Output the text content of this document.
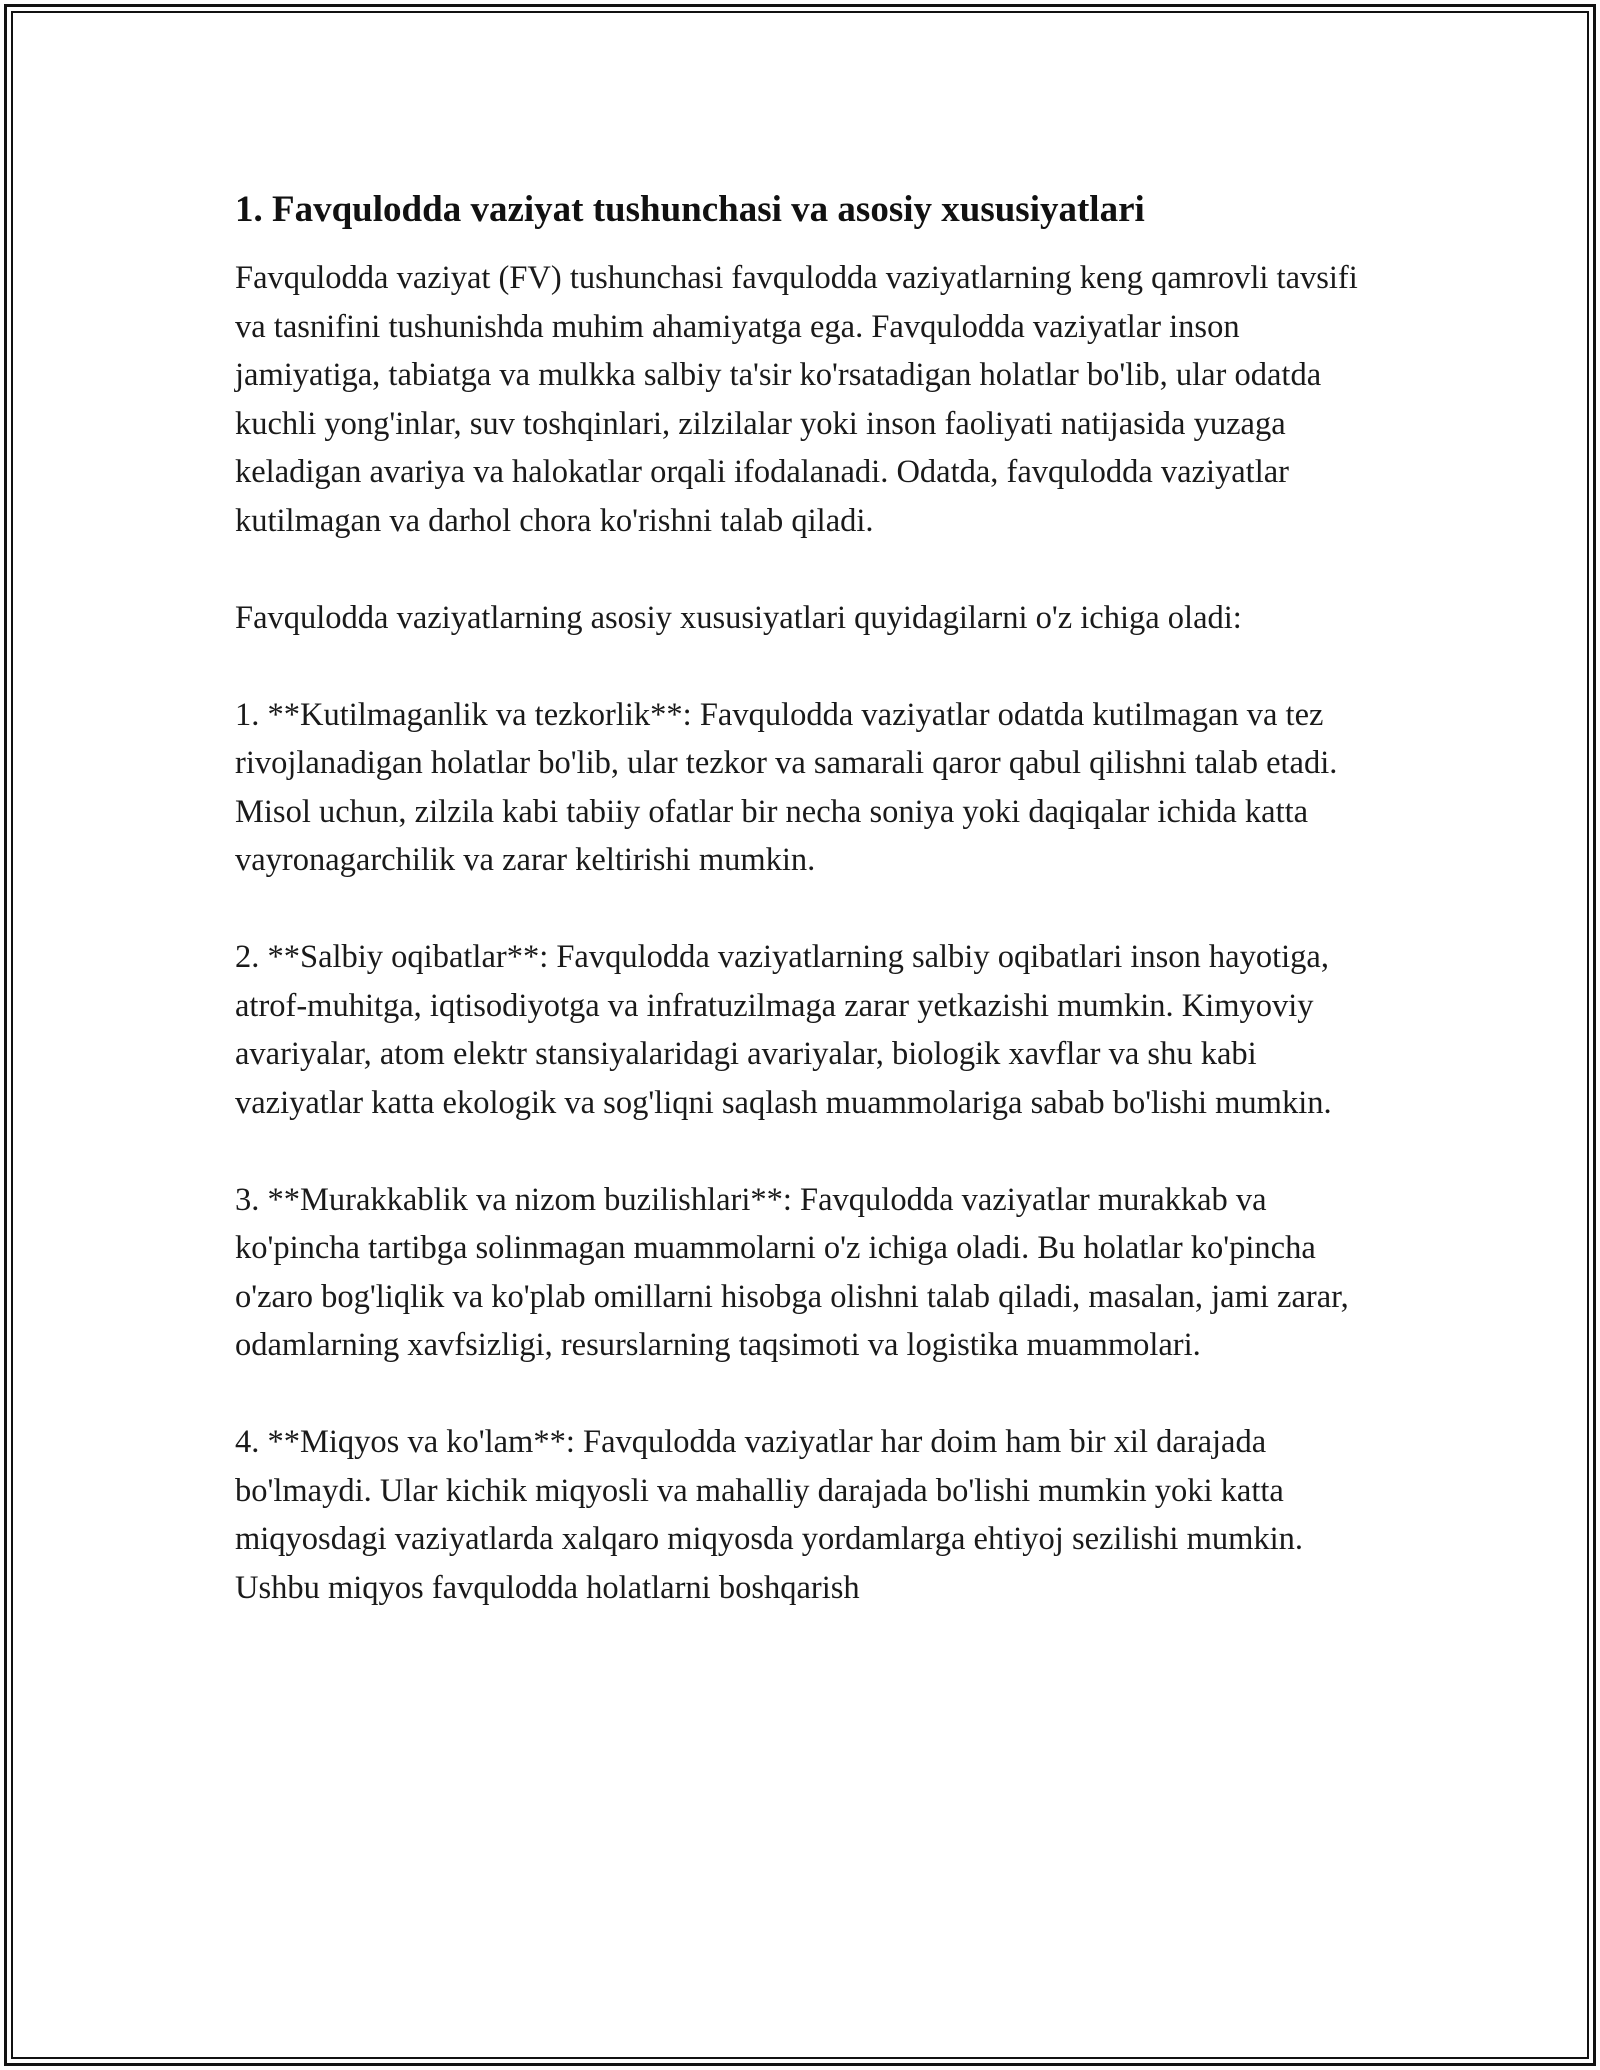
1. Favqulodda vaziyat tushunchasi va asosiy xususiyatlari

Favqulodda vaziyat (FV) tushunchasi favqulodda vaziyatlarning keng qamrovli tavsifi va tasnifini tushunishda muhim ahamiyatga ega. Favqulodda vaziyatlar inson jamiyatiga, tabiatga va mulkka salbiy ta'sir ko'rsatadigan holatlar bo'lib, ular odatda kuchli yong'inlar, suv toshqinlari, zilzilalar yoki inson faoliyati natijasida yuzaga keladigan avariya va halokatlar orqali ifodalanadi. Odatda, favqulodda vaziyatlar kutilmagan va darhol chora ko'rishni talab qiladi.

Favqulodda vaziyatlarning asosiy xususiyatlari quyidagilarni o'z ichiga oladi:

1. **Kutilmaganlik va tezkorlik**: Favqulodda vaziyatlar odatda kutilmagan va tez rivojlanadigan holatlar bo'lib, ular tezkor va samarali qaror qabul qilishni talab etadi. Misol uchun, zilzila kabi tabiiy ofatlar bir necha soniya yoki daqiqalar ichida katta vayronagarchilik va zarar keltirishi mumkin.

2. **Salbiy oqibatlar**: Favqulodda vaziyatlarning salbiy oqibatlari inson hayotiga, atrof-muhitga, iqtisodiyotga va infratuzilmaga zarar yetkazishi mumkin. Kimyoviy avariyalar, atom elektr stansiyalaridagi avariyalar, biologik xavflar va shu kabi vaziyatlar katta ekologik va sog'liqni saqlash muammolariga sabab bo'lishi mumkin.

3. **Murakkablik va nizom buzilishlari**: Favqulodda vaziyatlar murakkab va ko'pincha tartibga solinmagan muammolarni o'z ichiga oladi. Bu holatlar ko'pincha o'zaro bog'liqlik va ko'plab omillarni hisobga olishni talab qiladi, masalan, jami zarar, odamlarning xavfsizligi, resurslarning taqsimoti va logistika muammolari.

4. **Miqyos va ko'lam**: Favqulodda vaziyatlar har doim ham bir xil darajada bo'lmaydi. Ular kichik miqyosli va mahalliy darajada bo'lishi mumkin yoki katta miqyosdagi vaziyatlarda xalqaro miqyosda yordamlarga ehtiyoj sezilishi mumkin. Ushbu miqyos favqulodda holatlarni boshqarish
